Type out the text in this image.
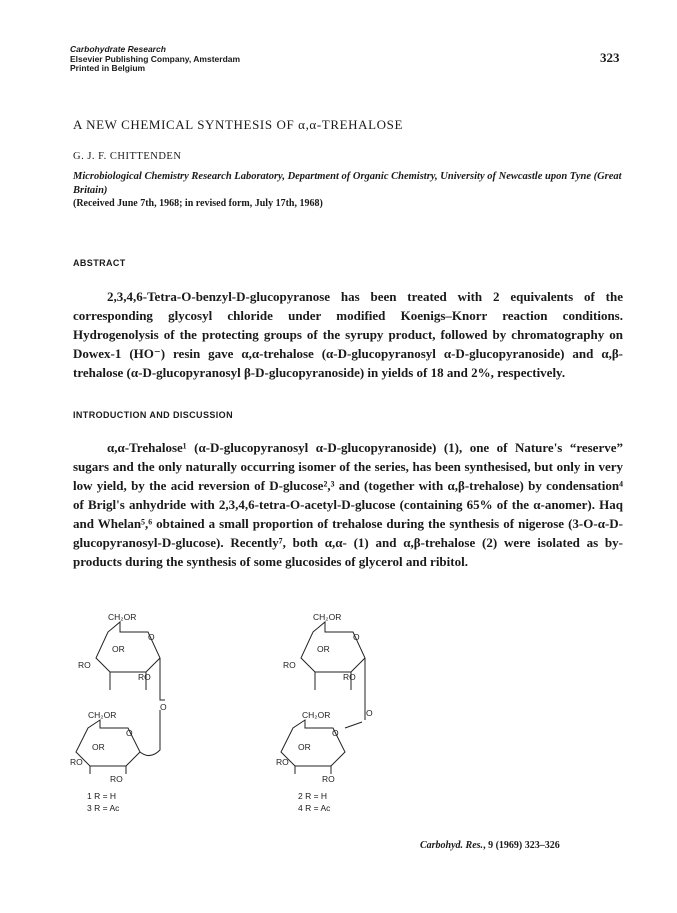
Carbohydrate Research
Elsevier Publishing Company, Amsterdam
Printed in Belgium
323
A NEW CHEMICAL SYNTHESIS OF α,α-TREHALOSE
G. J. F. CHITTENDEN
Microbiological Chemistry Research Laboratory, Department of Organic Chemistry, University of Newcastle upon Tyne (Great Britain)
(Received June 7th, 1968; in revised form, July 17th, 1968)
ABSTRACT

2,3,4,6-Tetra-O-benzyl-D-glucopyranose has been treated with 2 equivalents of the corresponding glycosyl chloride under modified Koenigs–Knorr reaction conditions. Hydrogenolysis of the protecting groups of the syrupy product, followed by chromatography on Dowex-1 (HO⁻) resin gave α,α-trehalose (α-D-glucopyranosyl α-D-glucopyranoside) and α,β-trehalose (α-D-glucopyranosyl β-D-glucopyranoside) in yields of 18 and 2%, respectively.

INTRODUCTION AND DISCUSSION

α,α-Trehalose¹ (α-D-glucopyranosyl α-D-glucopyranoside) (1), one of Nature's “reserve” sugars and the only naturally occurring isomer of the series, has been synthesised, but only in very low yield, by the acid reversion of D-glucose²,³ and (together with α,β-trehalose) by condensation⁴ of Brigl's anhydride with 2,3,4,6-tetra-O-acetyl-D-glucose (containing 65% of the α-anomer). Haq and Whelan⁵,⁶ obtained a small proportion of trehalose during the synthesis of nigerose (3-O-α-D-glucopyranosyl-D-glucose). Recently⁷, both α,α- (1) and α,β-trehalose (2) were isolated as by-products during the synthesis of some glucosides of glycerol and ribitol.

CH₂OR
O
OR
RO
RO
O
CH₂OR
O
OR
RO
RO
CH₂OR
O
OR
RO
RO
O
CH₂OR
O
OR
RO
RO
1 R = H
3 R = Ac
2 R = H
4 R = Ac
Carbohyd. Res., 9 (1969) 323–326
